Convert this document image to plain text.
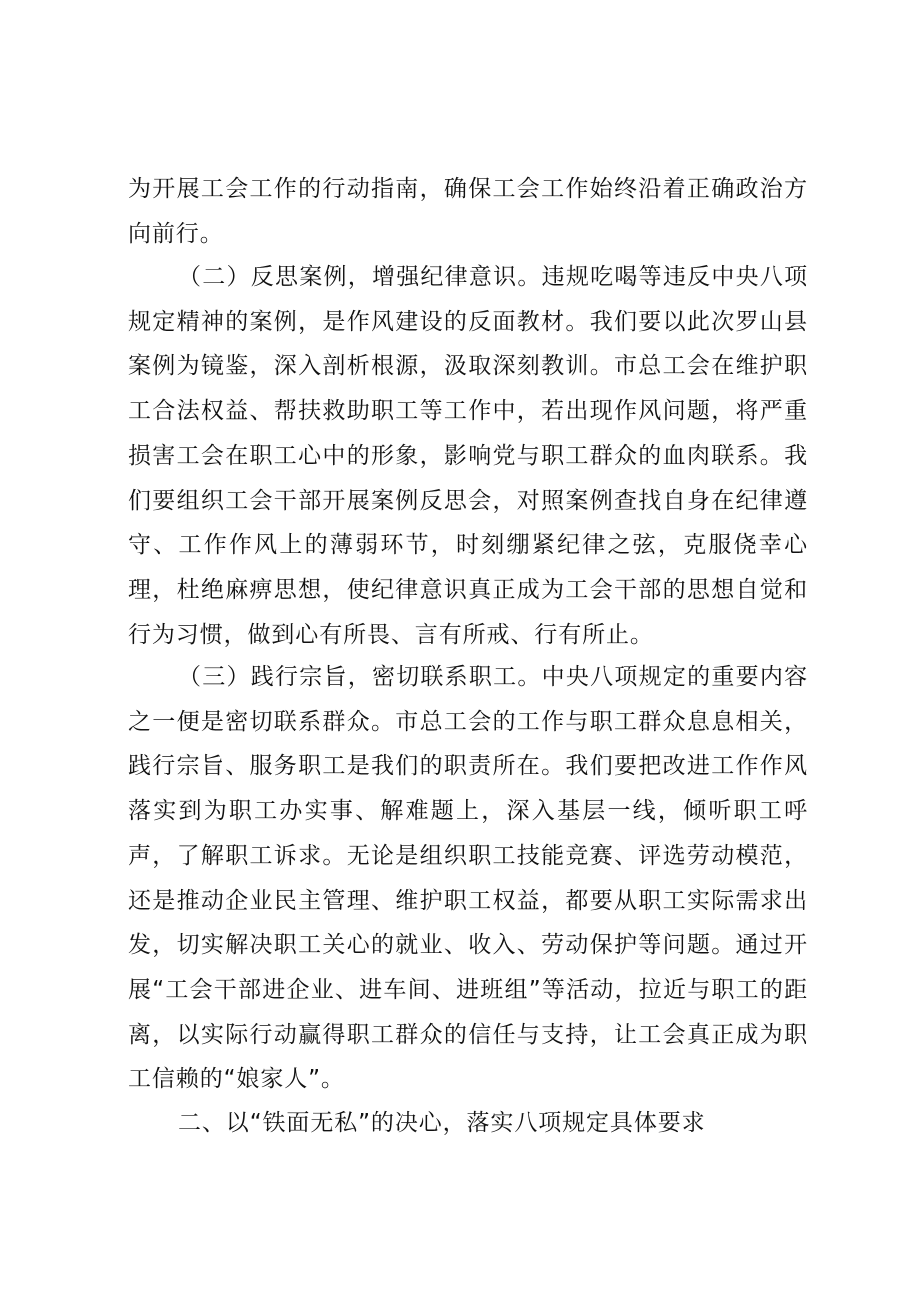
为开展工会工作的行动指南，确保工会工作始终沿着正确政治方向前行。

（二）反思案例，增强纪律意识。违规吃喝等违反中央八项规定精神的案例，是作风建设的反面教材。我们要以此次罗山县案例为镜鉴，深入剖析根源，汲取深刻教训。市总工会在维护职工合法权益、帮扶救助职工等工作中，若出现作风问题，将严重损害工会在职工心中的形象，影响党与职工群众的血肉联系。我们要组织工会干部开展案例反思会，对照案例查找自身在纪律遵守、工作作风上的薄弱环节，时刻绷紧纪律之弦，克服侥幸心理，杜绝麻痹思想，使纪律意识真正成为工会干部的思想自觉和行为习惯，做到心有所畏、言有所戒、行有所止。

（三）践行宗旨，密切联系职工。中央八项规定的重要内容之一便是密切联系群众。市总工会的工作与职工群众息息相关，践行宗旨、服务职工是我们的职责所在。我们要把改进工作作风落实到为职工办实事、解难题上，深入基层一线，倾听职工呼声，了解职工诉求。无论是组织职工技能竞赛、评选劳动模范，还是推动企业民主管理、维护职工权益，都要从职工实际需求出发，切实解决职工关心的就业、收入、劳动保护等问题。通过开展“工会干部进企业、进车间、进班组”等活动，拉近与职工的距离，以实际行动赢得职工群众的信任与支持，让工会真正成为职工信赖的“娘家人”。

二、以“铁面无私”的决心，落实八项规定具体要求
